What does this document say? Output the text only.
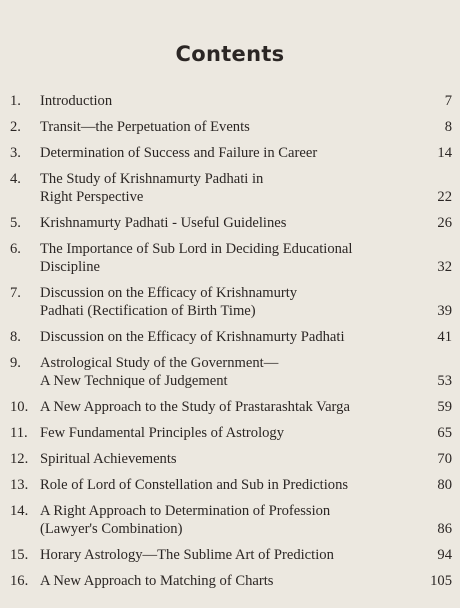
Contents
1.	Introduction	7
2.	Transit—the Perpetuation of Events	8
3.	Determination of Success and Failure in Career	14
4.	The Study of Krishnamurty Padhati in
Right Perspective	22
5.	Krishnamurty Padhati - Useful Guidelines	26
6.	The Importance of Sub Lord in Deciding Educational
Discipline	32
7.	Discussion on the Efficacy of Krishnamurty
Padhati (Rectification of Birth Time)	39
8.	Discussion on the Efficacy of Krishnamurty Padhati	41
9.	Astrological Study of the Government—
A New Technique of Judgement	53
10. A New Approach to the Study of Prastarashtak Varga	59
11. Few Fundamental Principles of Astrology	65
12. Spiritual Achievements	70
13. Role of Lord of Constellation and Sub in Predictions	80
14. A Right Approach to Determination of Profession
(Lawyer's Combination)	86
15. Horary Astrology—The Sublime Art of Prediction	94
16. A New Approach to Matching of Charts	105
